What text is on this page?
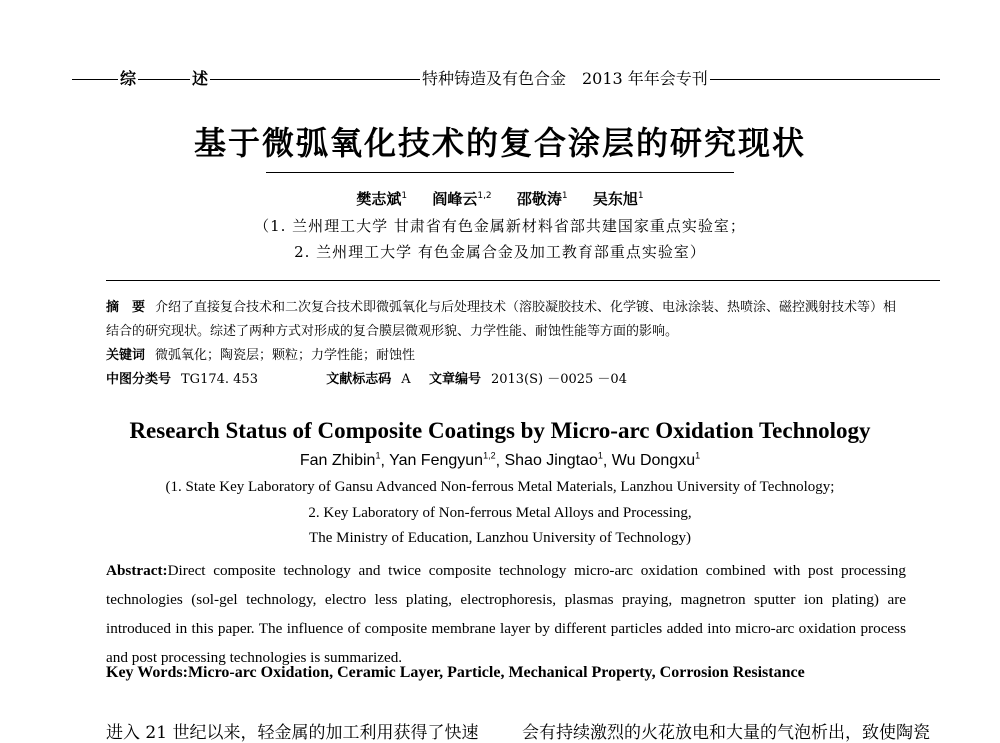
综	述	特种铸造及有色合金　2013 年年会专刊
基于微弧氧化技术的复合涂层的研究现状
樊志斌$^1$ 阎峰云$^{1,2}$ 邵敬涛$^1$ 吴东旭$^1$
（1. 兰州理工大学 甘肃省有色金属新材料省部共建国家重点实验室；
2. 兰州理工大学 有色金属合金及加工教育部重点实验室）
摘　要 介绍了直接复合技术和二次复合技术即微弧氧化与后处理技术（溶胶凝胶技术、化学镀、电泳涂装、热喷涂、磁控溅射技术等）相结合的研究现状。综述了两种方式对形成的复合膜层微观形貌、力学性能、耐蚀性能等方面的影响。
关键词 微弧氧化；陶瓷层；颗粒；力学性能；耐蚀性
中图分类号 TG174. 453	文献标志码 A 文章编号 2013(S) －0025 －04
Research Status of Composite Coatings by Micro-arc Oxidation Technology
Fan Zhibin$^1$, Yan Fengyun$^{1,2}$, Shao Jingtao$^1$, Wu Dongxu$^1$
(1. State Key Laboratory of Gansu Advanced Non-ferrous Metal Materials, Lanzhou University of Technology;
2. Key Laboratory of Non-ferrous Metal Alloys and Processing,
The Ministry of Education, Lanzhou University of Technology)
Abstract:Direct composite technology and twice composite technology micro-arc oxidation combined with post processing technologies (sol-gel technology, electro less plating, electrophoresis, plasmas praying, magnetron sputter ion plating) are introduced in this paper. The influence of composite membrane layer by different particles added into micro-arc oxidation process and post processing technologies is summarized.
Key Words:Micro-arc Oxidation, Ceramic Layer, Particle, Mechanical Property, Corrosion Resistance
进入 21 世纪以来，轻金属的加工利用获得了快速	会有持续激烈的火花放电和大量的气泡析出，致使陶瓷
